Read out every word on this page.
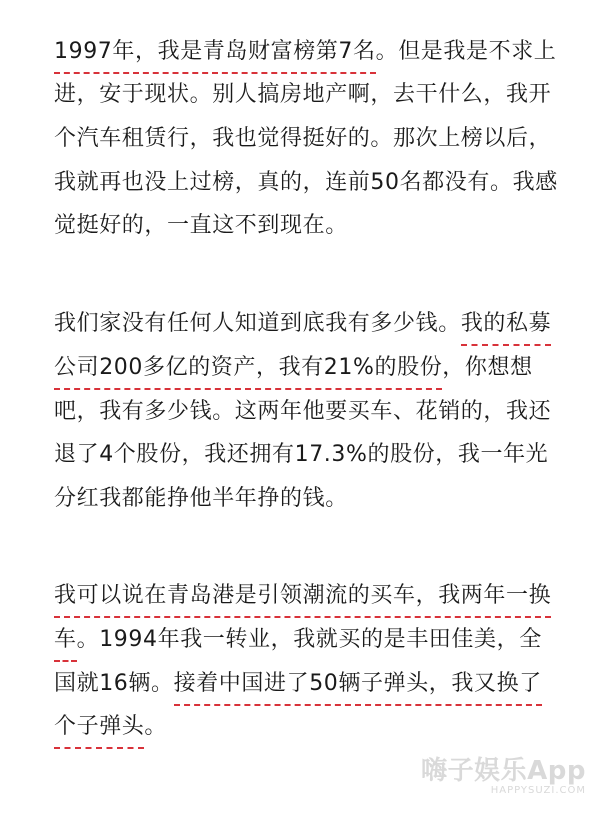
1997年，我是青岛财富榜第7名。但是我是不求上
进，安于现状。别人搞房地产啊，去干什么，我开
个汽车租赁行，我也觉得挺好的。那次上榜以后，
我就再也没上过榜，真的，连前50名都没有。我感
觉挺好的，一直这不到现在。
我们家没有任何人知道到底我有多少钱。我的私募
公司200多亿的资产，我有21%的股份，你想想
吧，我有多少钱。这两年他要买车、花销的，我还
退了4个股份，我还拥有17.3%的股份，我一年光
分红我都能挣他半年挣的钱。
我可以说在青岛港是引领潮流的买车，我两年一换
车。1994年我一转业，我就买的是丰田佳美，全
国就16辆。接着中国进了50辆子弹头，我又换了
个子弹头。
嗨子娱乐App
HAPPYSUZI.COM
